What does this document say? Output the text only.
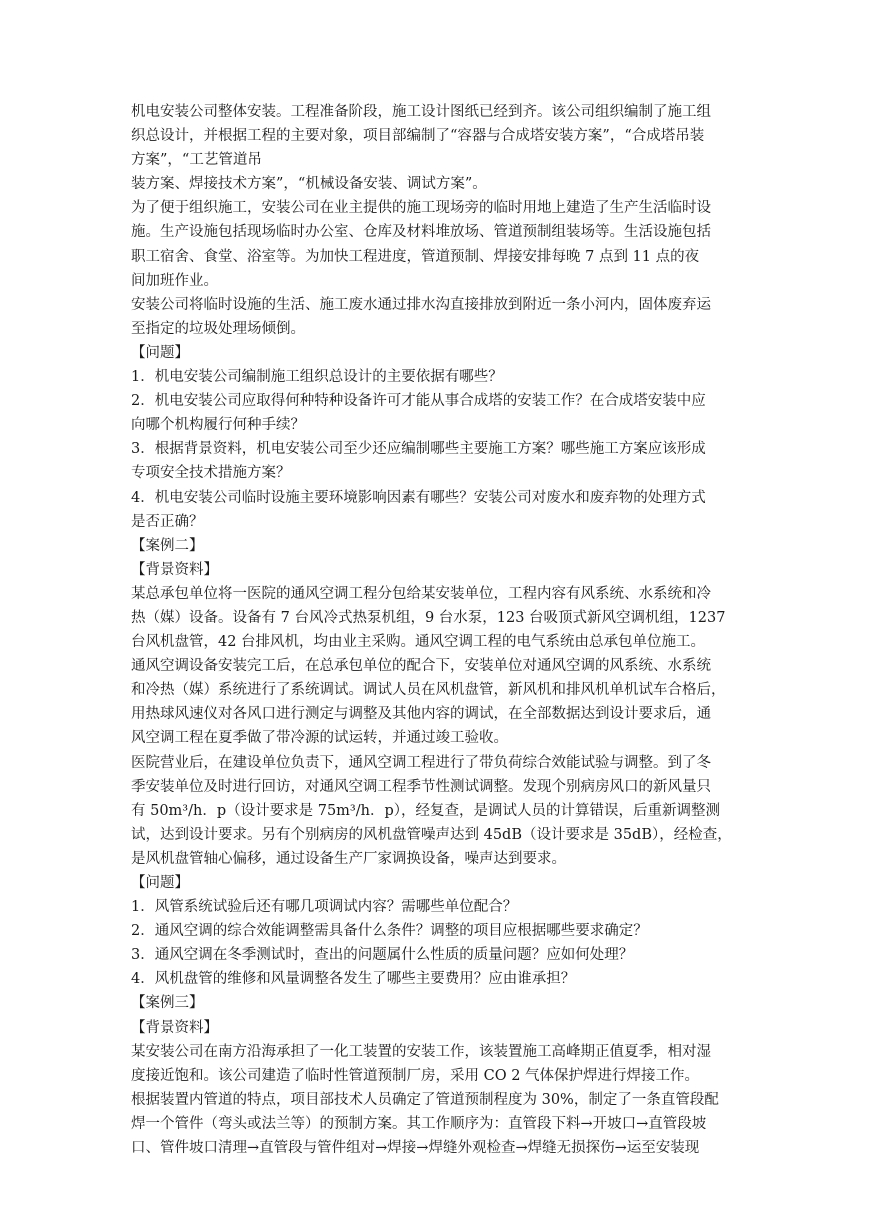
机电安装公司整体安装。工程准备阶段，施工设计图纸已经到齐。该公司组织编制了施工组

织总设计，并根据工程的主要对象，项目部编制了“容器与合成塔安装方案”，“合成塔吊装

方案”，“工艺管道吊

装方案、焊接技术方案”，“机械设备安装、调试方案”。

为了便于组织施工，安装公司在业主提供的施工现场旁的临时用地上建造了生产生活临时设

施。生产设施包括现场临时办公室、仓库及材料堆放场、管道预制组装场等。生活设施包括

职工宿舍、食堂、浴室等。为加快工程进度，管道预制、焊接安排每晚 7 点到 11 点的夜

间加班作业。

安装公司将临时设施的生活、施工废水通过排水沟直接排放到附近一条小河内，固体废弃运

至指定的垃圾处理场倾倒。

【问题】

1．机电安装公司编制施工组织总设计的主要依据有哪些？

2．机电安装公司应取得何种特种设备许可才能从事合成塔的安装工作？在合成塔安装中应

向哪个机构履行何种手续？

3．根据背景资料，机电安装公司至少还应编制哪些主要施工方案？哪些施工方案应该形成

专项安全技术措施方案？

4．机电安装公司临时设施主要环境影响因素有哪些？安装公司对废水和废弃物的处理方式

是否正确？

【案例二】

【背景资料】

某总承包单位将一医院的通风空调工程分包给某安装单位，工程内容有风系统、水系统和冷

热（媒）设备。设备有 7 台风冷式热泵机组，9 台水泵，123 台吸顶式新风空调机组，1237

台风机盘管，42 台排风机，均由业主采购。通风空调工程的电气系统由总承包单位施工。

通风空调设备安装完工后，在总承包单位的配合下，安装单位对通风空调的风系统、水系统

和冷热（媒）系统进行了系统调试。调试人员在风机盘管，新风机和排风机单机试车合格后，

用热球风速仪对各风口进行测定与调整及其他内容的调试，在全部数据达到设计要求后，通

风空调工程在夏季做了带冷源的试运转，并通过竣工验收。

医院营业后，在建设单位负责下，通风空调工程进行了带负荷综合效能试验与调整。到了冬

季安装单位及时进行回访，对通风空调工程季节性测试调整。发现个别病房风口的新风量只

有 50m³/h．p（设计要求是 75m³/h．p），经复查，是调试人员的计算错误，后重新调整测

试，达到设计要求。另有个别病房的风机盘管噪声达到 45dB（设计要求是 35dB），经检查，

是风机盘管轴心偏移，通过设备生产厂家调换设备，噪声达到要求。

【问题】

1．风管系统试验后还有哪几项调试内容？需哪些单位配合？

2．通风空调的综合效能调整需具备什么条件？调整的项目应根据哪些要求确定？

3．通风空调在冬季测试时，查出的问题属什么性质的质量问题？应如何处理？

4．风机盘管的维修和风量调整各发生了哪些主要费用？应由谁承担？

【案例三】

【背景资料】

某安装公司在南方沿海承担了一化工装置的安装工作，该装置施工高峰期正值夏季，相对湿

度接近饱和。该公司建造了临时性管道预制厂房，采用 CO 2 气体保护焊进行焊接工作。

根据装置内管道的特点，项目部技术人员确定了管道预制程度为 30%，制定了一条直管段配

焊一个管件（弯头或法兰等）的预制方案。其工作顺序为：直管段下料→开坡口→直管段坡

口、管件坡口清理→直管段与管件组对→焊接→焊缝外观检查→焊缝无损探伤→运至安装现
